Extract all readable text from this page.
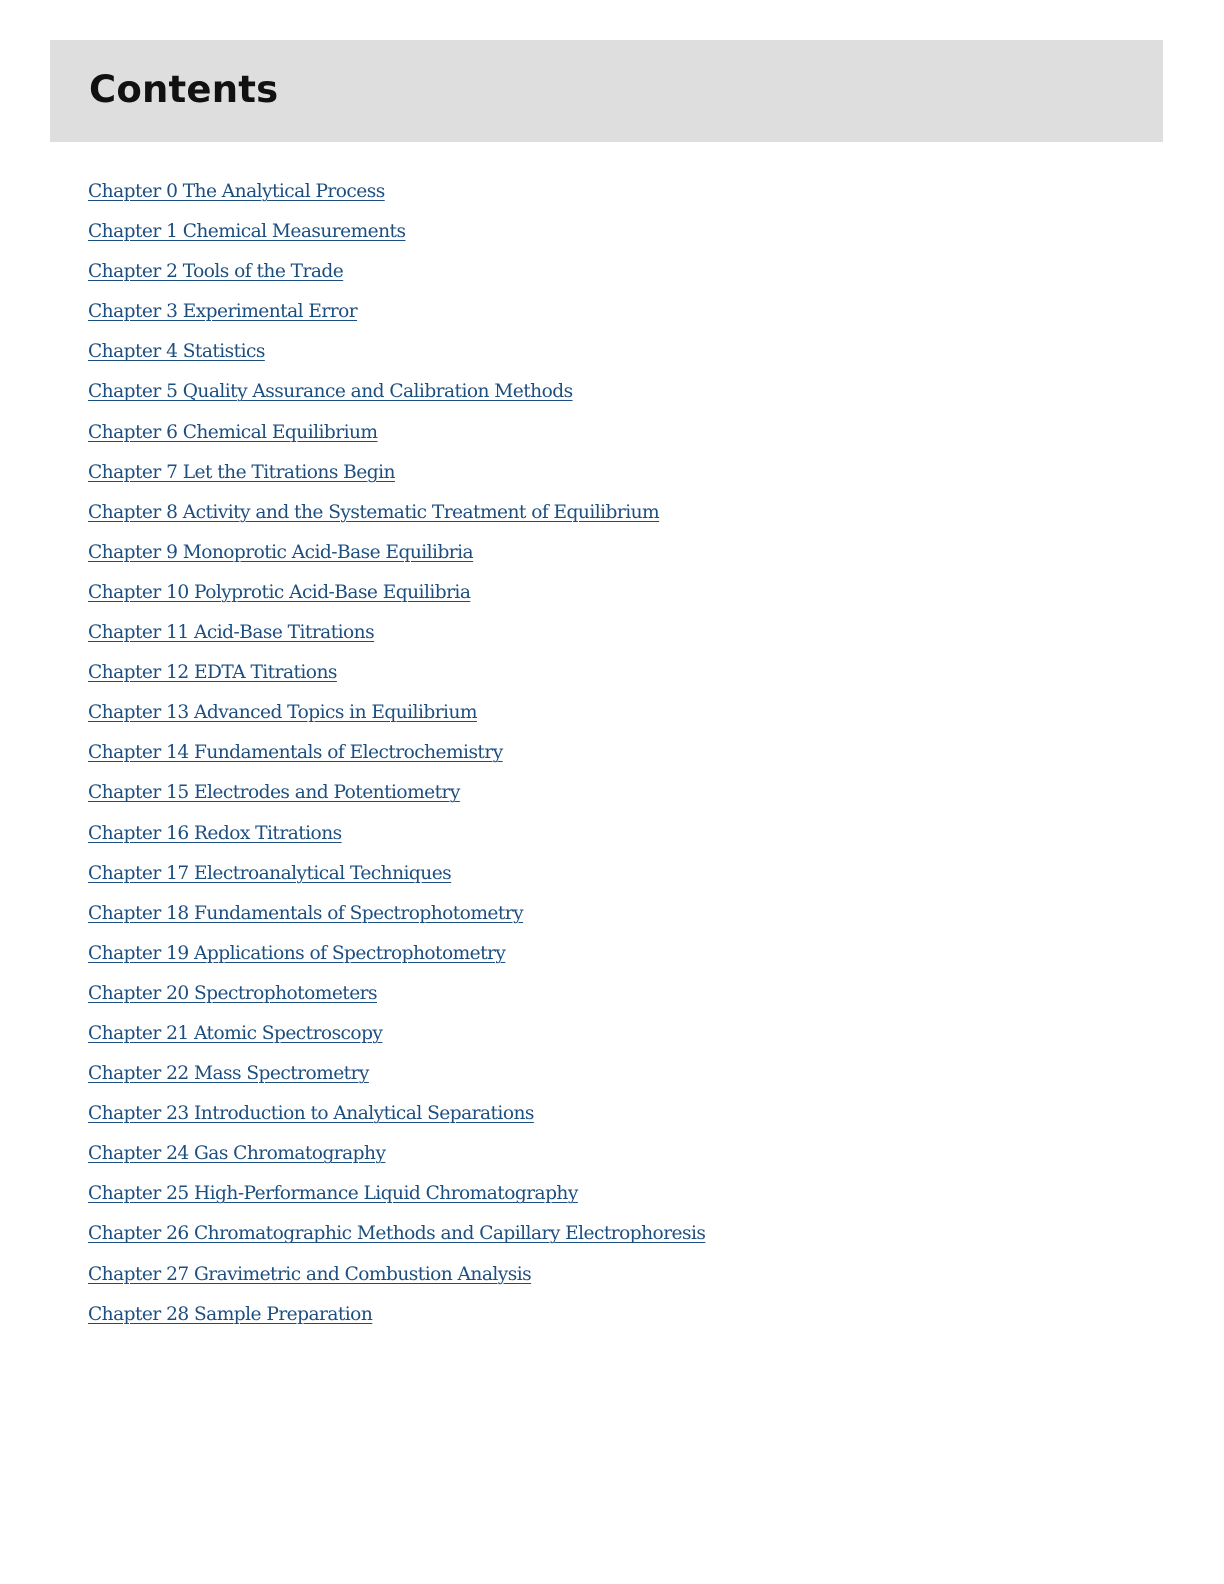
Contents
Chapter 0 The Analytical Process
Chapter 1 Chemical Measurements
Chapter 2 Tools of the Trade
Chapter 3 Experimental Error
Chapter 4 Statistics
Chapter 5 Quality Assurance and Calibration Methods
Chapter 6 Chemical Equilibrium
Chapter 7 Let the Titrations Begin
Chapter 8 Activity and the Systematic Treatment of Equilibrium
Chapter 9 Monoprotic Acid-Base Equilibria
Chapter 10 Polyprotic Acid-Base Equilibria
Chapter 11 Acid-Base Titrations
Chapter 12 EDTA Titrations
Chapter 13 Advanced Topics in Equilibrium
Chapter 14 Fundamentals of Electrochemistry
Chapter 15 Electrodes and Potentiometry
Chapter 16 Redox Titrations
Chapter 17 Electroanalytical Techniques
Chapter 18 Fundamentals of Spectrophotometry
Chapter 19 Applications of Spectrophotometry
Chapter 20 Spectrophotometers
Chapter 21 Atomic Spectroscopy
Chapter 22 Mass Spectrometry
Chapter 23 Introduction to Analytical Separations
Chapter 24 Gas Chromatography
Chapter 25 High-Performance Liquid Chromatography
Chapter 26 Chromatographic Methods and Capillary Electrophoresis
Chapter 27 Gravimetric and Combustion Analysis
Chapter 28 Sample Preparation
